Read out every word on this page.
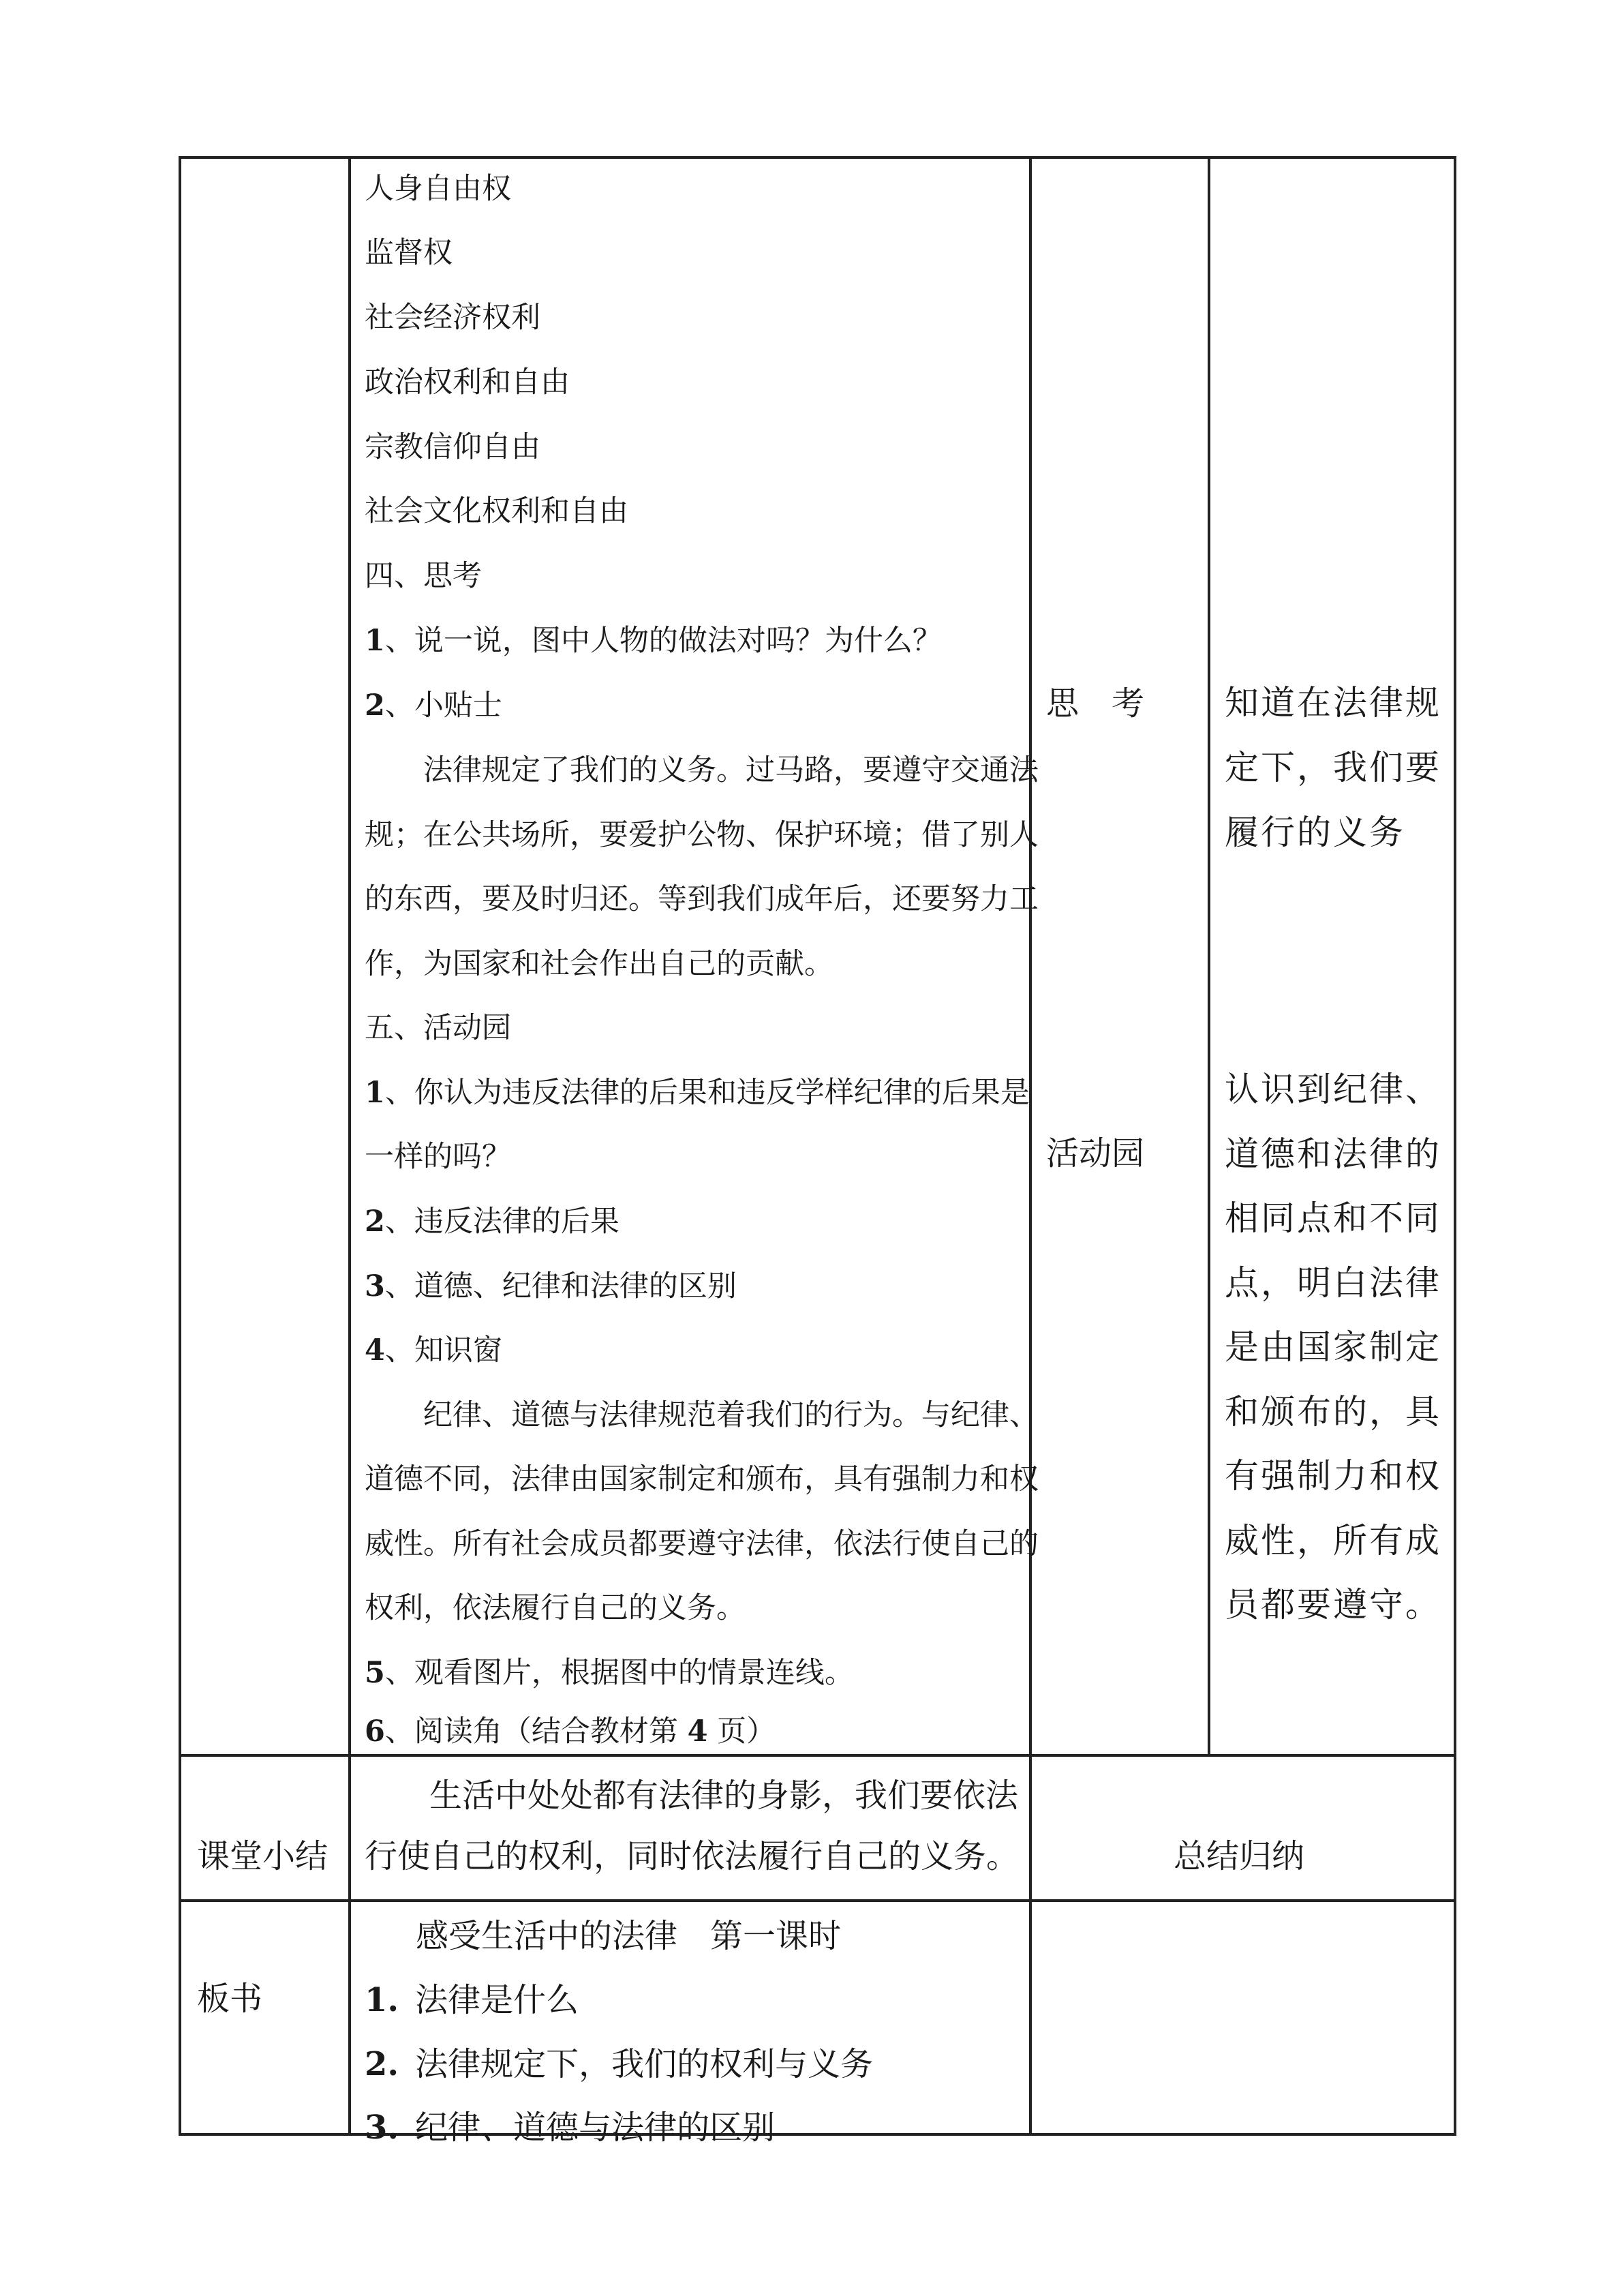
人身自由权
监督权
社会经济权利
政治权利和自由
宗教信仰自由
社会文化权利和自由
四、思考
1、说一说，图中人物的做法对吗？为什么？
2、小贴士
法律规定了我们的义务。过马路，要遵守交通法
规；在公共场所，要爱护公物、保护环境；借了别人
的东西，要及时归还。等到我们成年后，还要努力工
作，为国家和社会作出自己的贡献。
五、活动园
1、你认为违反法律的后果和违反学样纪律的后果是
一样的吗？
2、违反法律的后果
3、道德、纪律和法律的区别
4、知识窗
纪律、道德与法律规范着我们的行为。与纪律、
道德不同，法律由国家制定和颁布，具有强制力和权
威性。所有社会成员都要遵守法律，依法行使自己的
权利，依法履行自己的义务。
5、观看图片，根据图中的情景连线。
6、阅读角（结合教材第 4 页）
思　考
活动园
知道在法律规
定下，我们要
履行的义务
认识到纪律、
道德和法律的
相同点和不同
点，明白法律
是由国家制定
和颁布的，具
有强制力和权
威性，所有成
员都要遵守。
课堂小结
生活中处处都有法律的身影，我们要依法
行使自己的权利，同时依法履行自己的义务。	总结归纳
板书
感受生活中的法律　第一课时
1. 法律是什么
2. 法律规定下，我们的权利与义务
3. 纪律、道德与法律的区别
